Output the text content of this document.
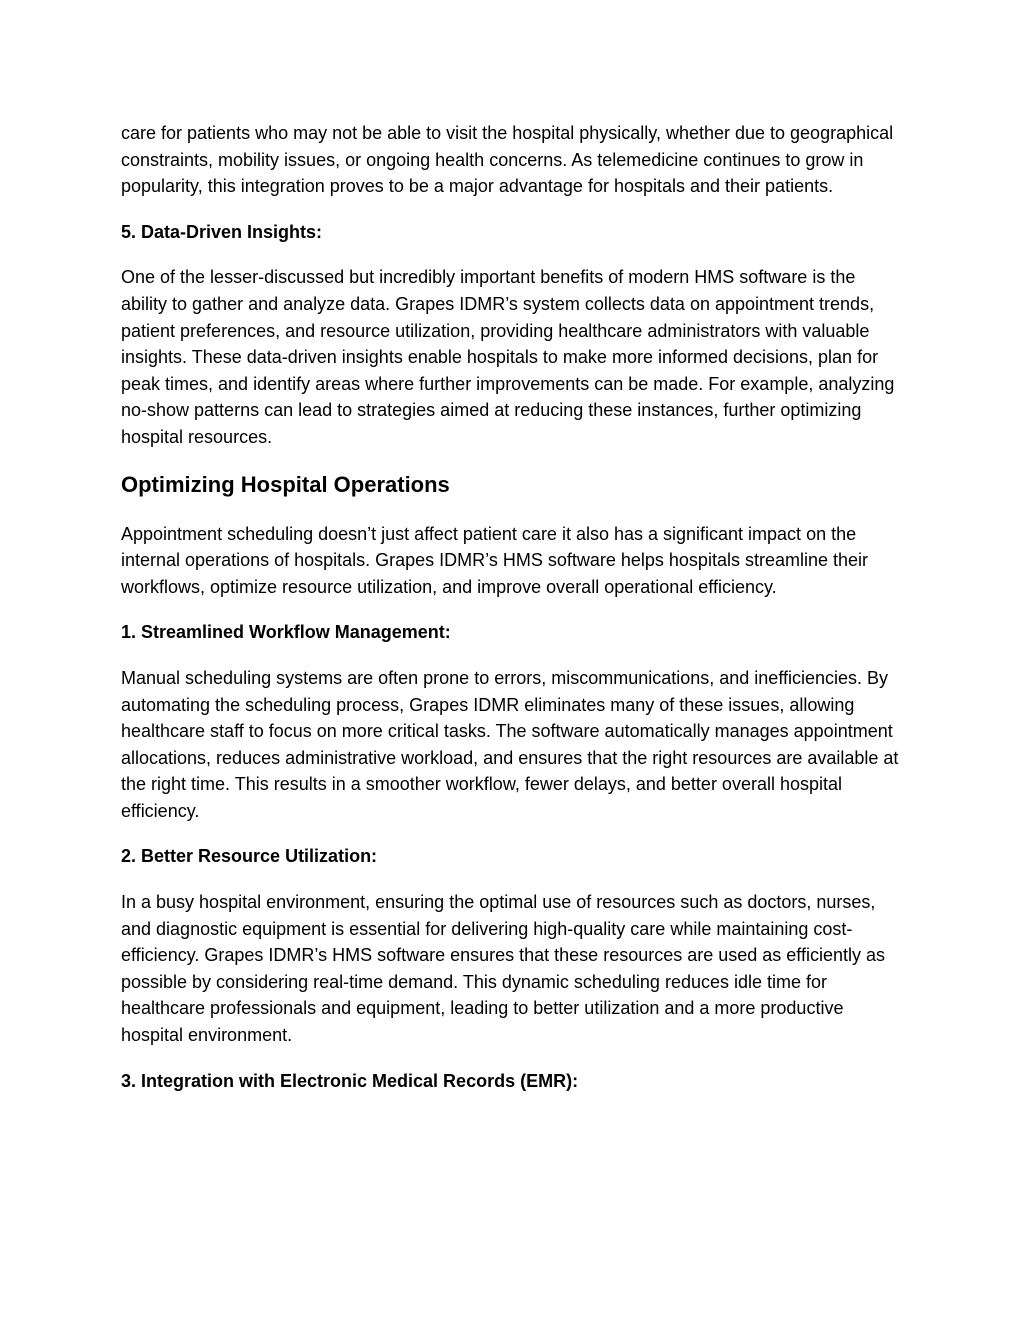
care for patients who may not be able to visit the hospital physically, whether due to geographical constraints, mobility issues, or ongoing health concerns. As telemedicine continues to grow in popularity, this integration proves to be a major advantage for hospitals and their patients.

5. Data-Driven Insights:

One of the lesser-discussed but incredibly important benefits of modern HMS software is the ability to gather and analyze data. Grapes IDMR’s system collects data on appointment trends, patient preferences, and resource utilization, providing healthcare administrators with valuable insights. These data-driven insights enable hospitals to make more informed decisions, plan for peak times, and identify areas where further improvements can be made. For example, analyzing no-show patterns can lead to strategies aimed at reducing these instances, further optimizing hospital resources.

Optimizing Hospital Operations

Appointment scheduling doesn’t just affect patient care it also has a significant impact on the internal operations of hospitals. Grapes IDMR’s HMS software helps hospitals streamline their workflows, optimize resource utilization, and improve overall operational efficiency.

1. Streamlined Workflow Management:

Manual scheduling systems are often prone to errors, miscommunications, and inefficiencies. By automating the scheduling process, Grapes IDMR eliminates many of these issues, allowing healthcare staff to focus on more critical tasks. The software automatically manages appointment allocations, reduces administrative workload, and ensures that the right resources are available at the right time. This results in a smoother workflow, fewer delays, and better overall hospital efficiency.

2. Better Resource Utilization:

In a busy hospital environment, ensuring the optimal use of resources such as doctors, nurses, and diagnostic equipment is essential for delivering high-quality care while maintaining cost-efficiency. Grapes IDMR’s HMS software ensures that these resources are used as efficiently as possible by considering real-time demand. This dynamic scheduling reduces idle time for healthcare professionals and equipment, leading to better utilization and a more productive hospital environment.

3. Integration with Electronic Medical Records (EMR):
